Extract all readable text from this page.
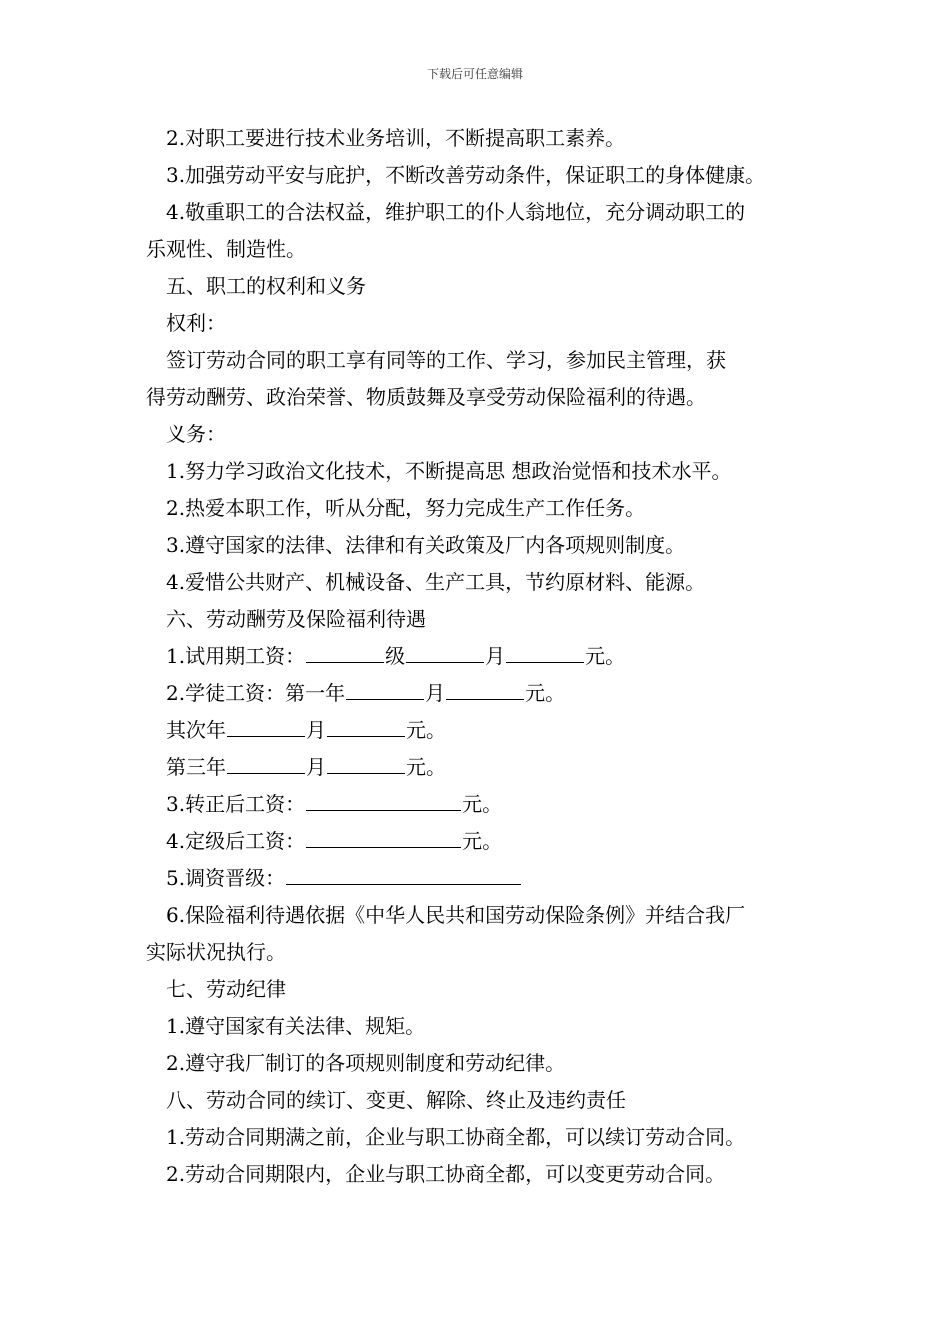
下载后可任意编辑
2.对职工要进行技术业务培训，不断提高职工素养。
3.加强劳动平安与庇护，不断改善劳动条件，保证职工的身体健康。
4.敬重职工的合法权益，维护职工的仆人翁地位，充分调动职工的
乐观性、制造性。
五、职工的权利和义务
权利：
签订劳动合同的职工享有同等的工作、学习，参加民主管理，获
得劳动酬劳、政治荣誉、物质鼓舞及享受劳动保险福利的待遇。
义务：
1.努力学习政治文化技术，不断提高思 想政治觉悟和技术水平。
2.热爱本职工作，听从分配，努力完成生产工作任务。
3.遵守国家的法律、法律和有关政策及厂内各项规则制度。
4.爱惜公共财产、机械设备、生产工具，节约原材料、能源。
六、劳动酬劳及保险福利待遇
1.试用期工资：	级	月	元。
2.学徒工资：第一年	月	元。
其次年	月	元。
第三年	月	元。
3.转正后工资：	元。
4.定级后工资：	元。
5.调资晋级：
6.保险福利待遇依据《中华人民共和国劳动保险条例》并结合我厂
实际状况执行。
七、劳动纪律
1.遵守国家有关法律、规矩。
2.遵守我厂制订的各项规则制度和劳动纪律。
八、劳动合同的续订、变更、解除、终止及违约责任
1.劳动合同期满之前，企业与职工协商全都，可以续订劳动合同。
2.劳动合同期限内，企业与职工协商全都，可以变更劳动合同。
